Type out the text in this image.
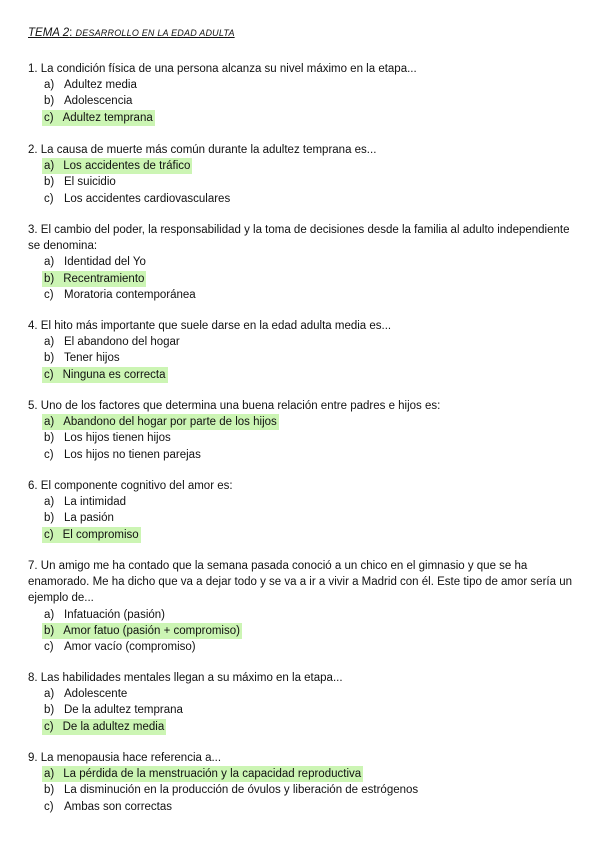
TEMA 2: DESARROLLO EN LA EDAD ADULTA

1. La condición física de una persona alcanza su nivel máximo en la etapa...

a) Adultez media
b) Adolescencia
c) Adultez temprana

2. La causa de muerte más común durante la adultez temprana es...

a) Los accidentes de tráfico
b) El suicidio
c) Los accidentes cardiovasculares

3. El cambio del poder, la responsabilidad y la toma de decisiones desde la familia al adulto independiente se denomina:

a) Identidad del Yo
b) Recentramiento
c) Moratoria contemporánea

4. El hito más importante que suele darse en la edad adulta media es...

a) El abandono del hogar
b) Tener hijos
c) Ninguna es correcta

5. Uno de los factores que determina una buena relación entre padres e hijos es:

a) Abandono del hogar por parte de los hijos
b) Los hijos tienen hijos
c) Los hijos no tienen parejas

6. El componente cognitivo del amor es:

a) La intimidad
b) La pasión
c) El compromiso

7. Un amigo me ha contado que la semana pasada conoció a un chico en el gimnasio y que se ha enamorado. Me ha dicho que va a dejar todo y se va a ir a vivir a Madrid con él. Este tipo de amor sería un ejemplo de...

a) Infatuación (pasión)
b) Amor fatuo (pasión + compromiso)
c) Amor vacío (compromiso)

8. Las habilidades mentales llegan a su máximo en la etapa...

a) Adolescente
b) De la adultez temprana
c) De la adultez media

9. La menopausia hace referencia a...

a) La pérdida de la menstruación y la capacidad reproductiva
b) La disminución en la producción de óvulos y liberación de estrógenos
c) Ambas son correctas
